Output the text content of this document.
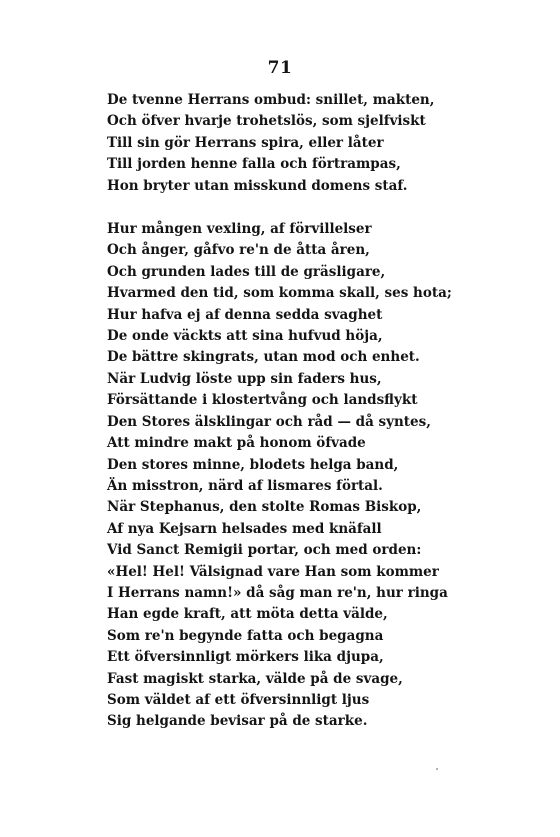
71
De tvenne Herrans ombud: snillet, makten,
Och öfver hvarje trohetslös, som sjelfviskt
Till sin gör Herrans spira, eller låter
Till jorden henne falla och förtrampas,
Hon bryter utan misskund domens staf.
Hur mången vexling, af förvillelser
Och ånger, gåfvo re'n de åtta åren,
Och grunden lades till de gräsligare,
Hvarmed den tid, som komma skall, ses hota;
Hur hafva ej af denna sedda svaghet
De onde väckts att sina hufvud höja,
De bättre skingrats, utan mod och enhet.
När Ludvig löste upp sin faders hus,
Försättande i klostertvång och landsflykt
Den Stores älsklingar och råd — då syntes,
Att mindre makt på honom öfvade
Den stores minne, blodets helga band,
Än misstron, närd af lismares förtal.
När Stephanus, den stolte Romas Biskop,
Af nya Kejsarn helsades med knäfall
Vid Sanct Remigii portar, och med orden:
«Hel! Hel! Välsignad vare Han som kommer
I Herrans namn!» då såg man re'n, hur ringa
Han egde kraft, att möta detta välde,
Som re'n begynde fatta och begagna
Ett öfversinnligt mörkers lika djupa,
Fast magiskt starka, välde på de svage,
Som väldet af ett öfversinnligt ljus
Sig helgande bevisar på de starke.
